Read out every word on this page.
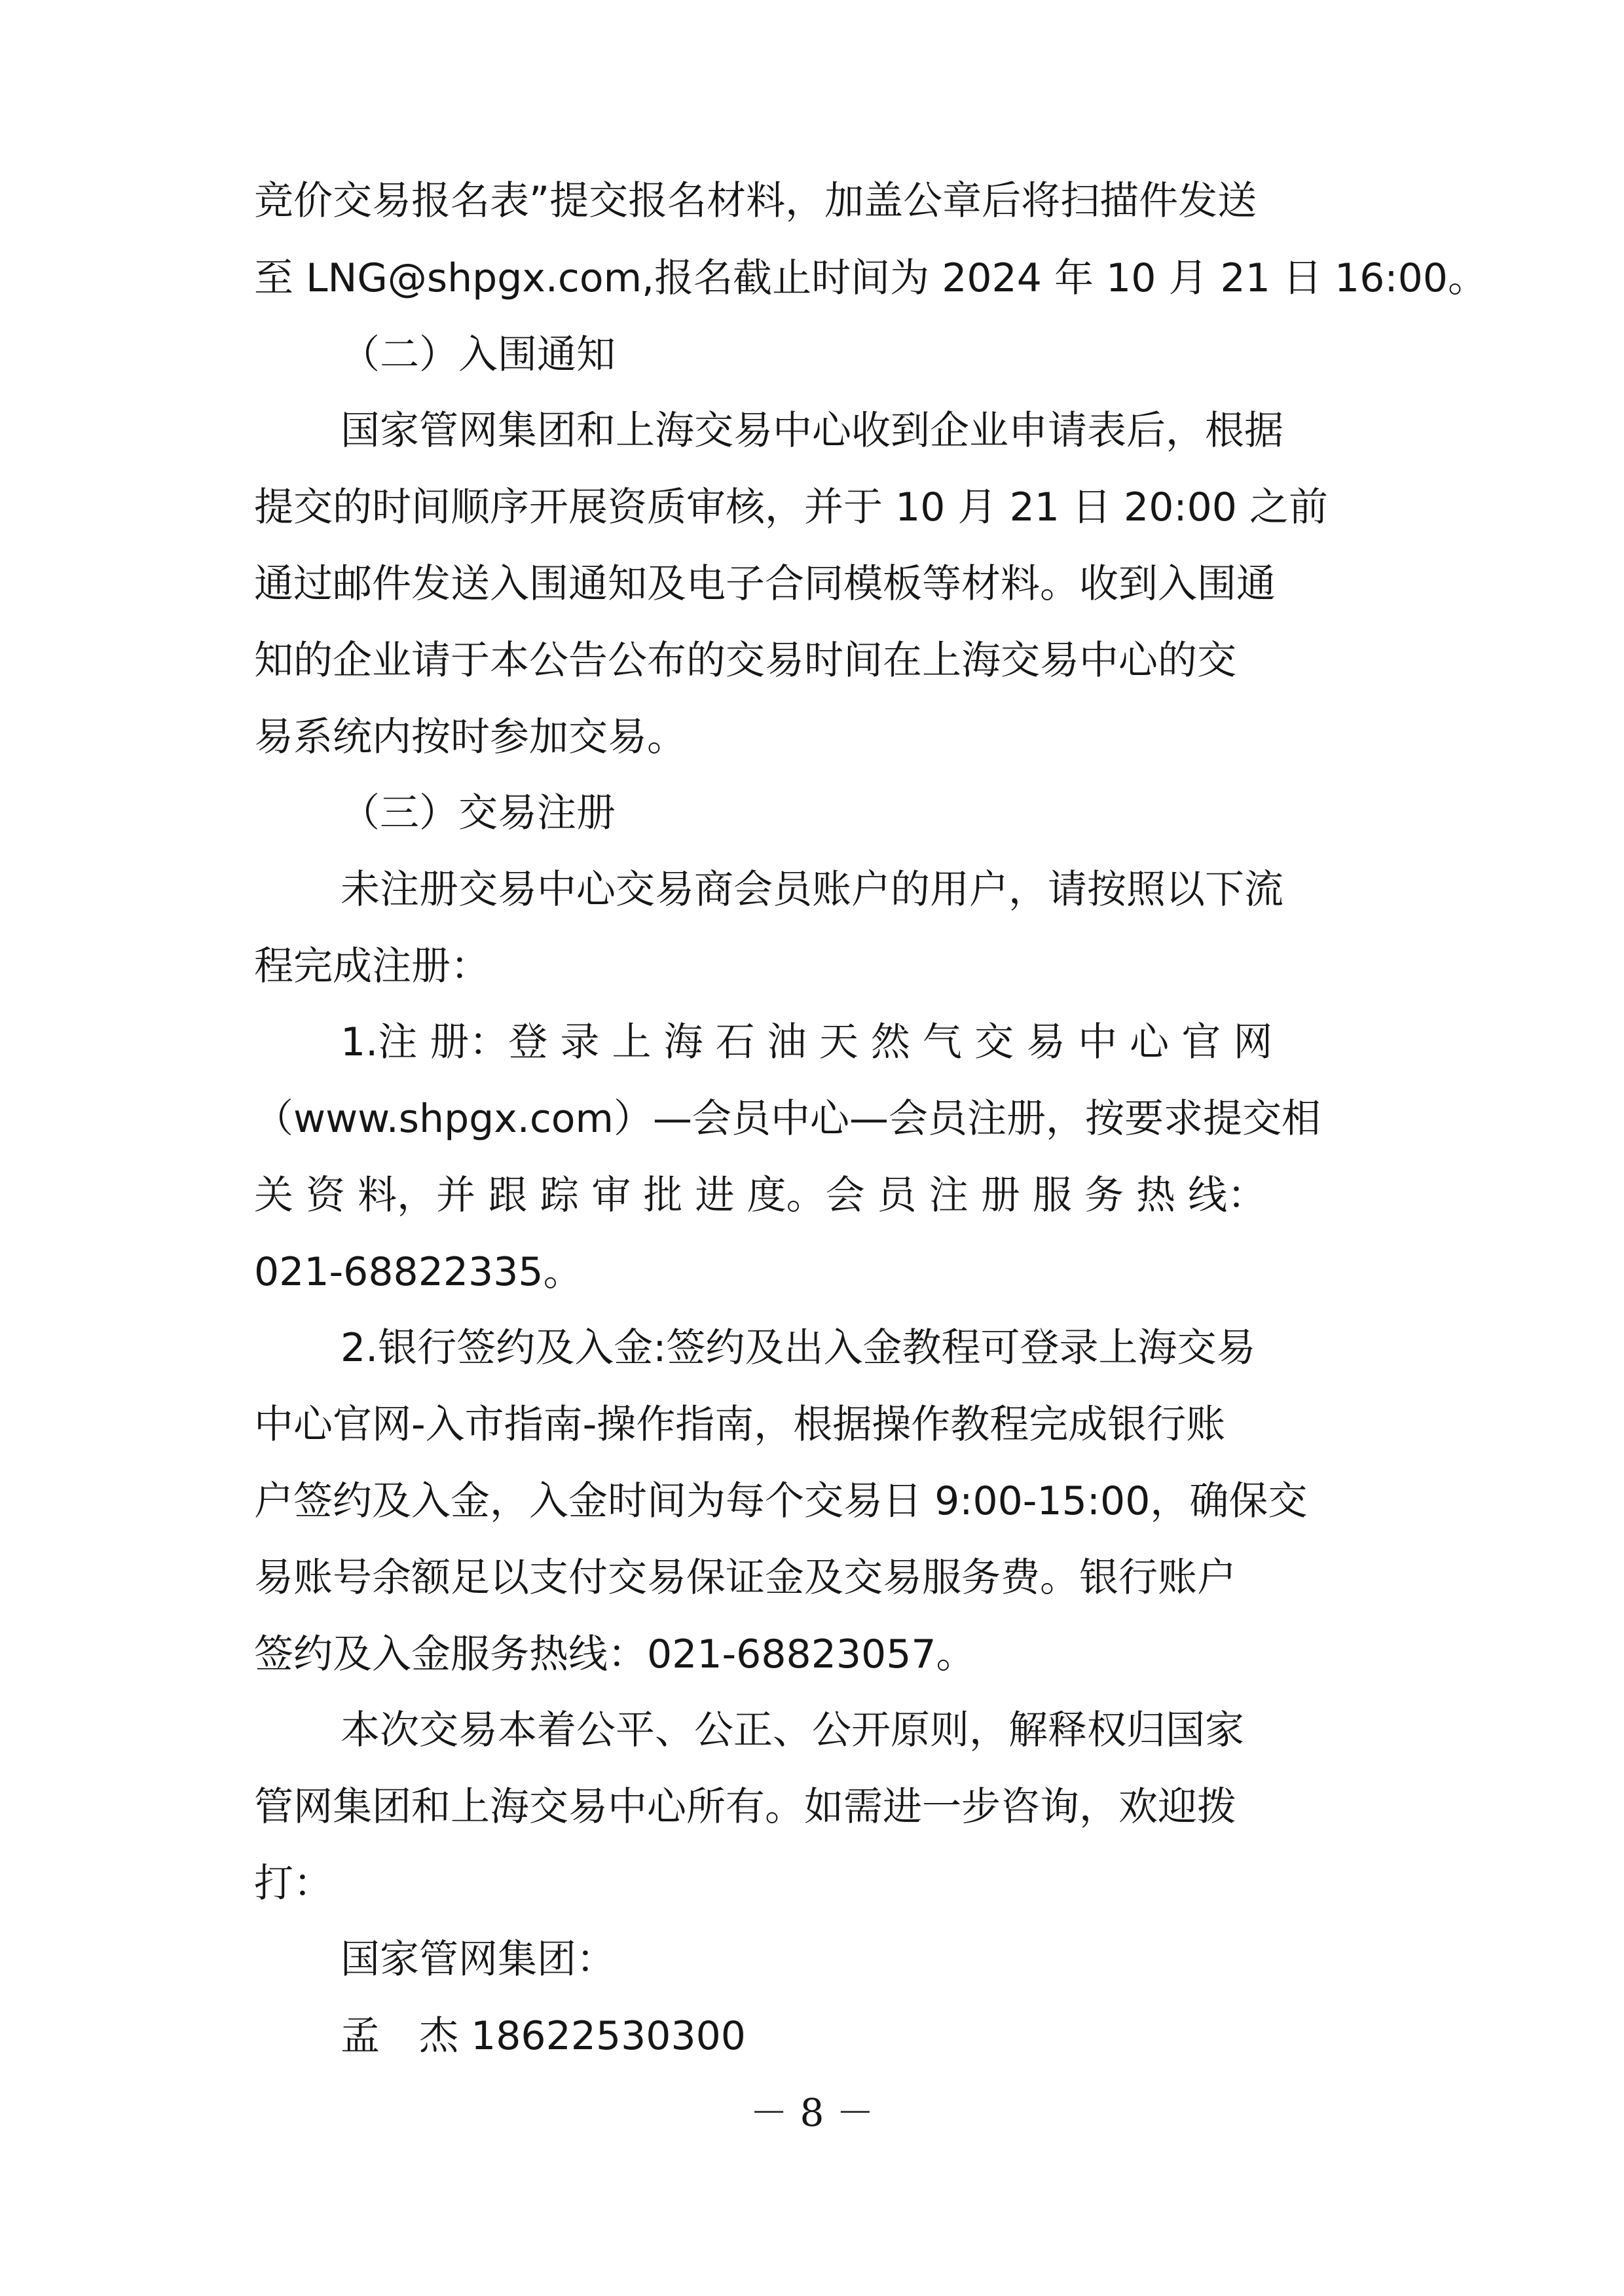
竞价交易报名表”提交报名材料，加盖公章后将扫描件发送

至 LNG@shpgx.com,报名截止时间为 2024 年 10 月 21 日 16:00。

（二）入围通知

国家管网集团和上海交易中心收到企业申请表后，根据

提交的时间顺序开展资质审核，并于 10 月 21 日 20:00 之前

通过邮件发送入围通知及电子合同模板等材料。收到入围通

知的企业请于本公告公布的交易时间在上海交易中心的交

易系统内按时参加交易。

（三）交易注册

未注册交易中心交易商会员账户的用户，请按照以下流

程完成注册：

1.注 册：登 录 上 海 石 油 天 然 气 交 易 中 心 官 网

（www.shpgx.com）—会员中心—会员注册，按要求提交相

关 资 料，并 跟 踪 审 批 进 度。会 员 注 册 服 务 热 线：

021-68822335。

2.银行签约及入金:签约及出入金教程可登录上海交易

中心官网-入市指南-操作指南，根据操作教程完成银行账

户签约及入金，入金时间为每个交易日 9:00-15:00，确保交

易账号余额足以支付交易保证金及交易服务费。银行账户

签约及入金服务热线：021-68823057。

本次交易本着公平、公正、公开原则，解释权归国家

管网集团和上海交易中心所有。如需进一步咨询，欢迎拨

打：

国家管网集团：

孟　杰 18622530300

－ 8 －
